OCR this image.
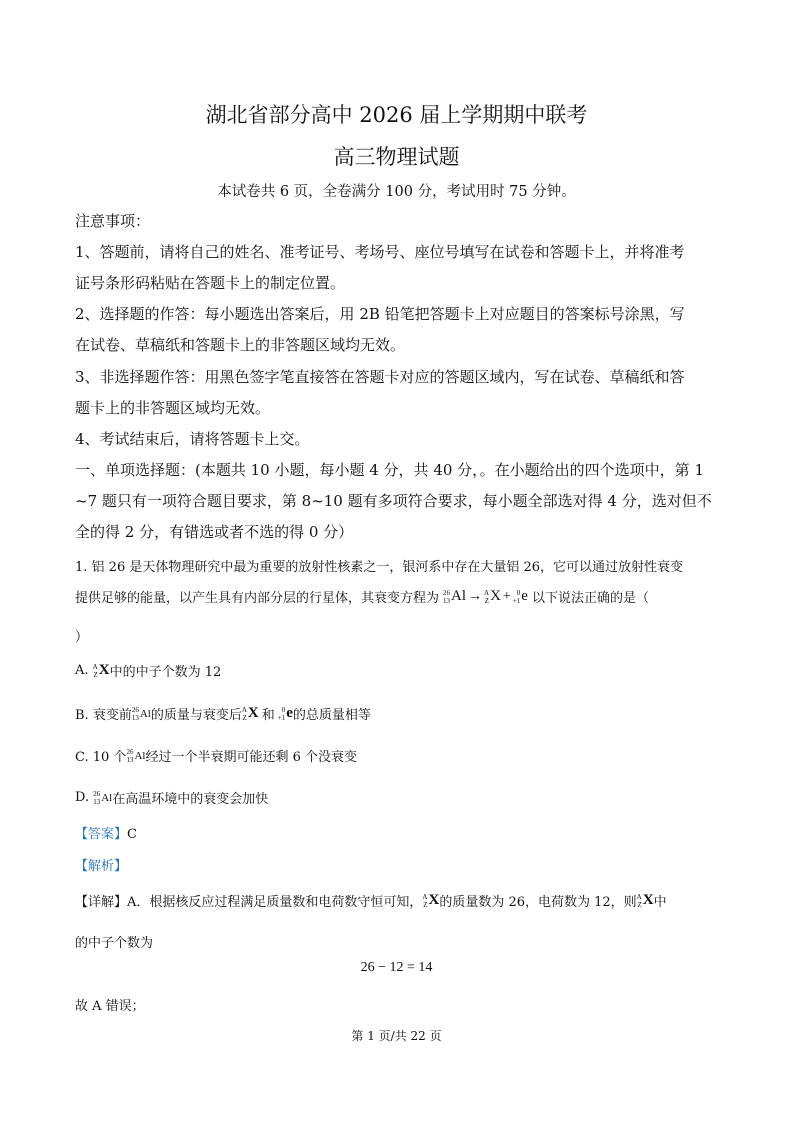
湖北省部分高中 2026 届上学期期中联考
高三物理试题
本试卷共 6 页，全卷满分 100 分，考试用时 75 分钟。
注意事项：
1、答题前，请将自己的姓名、准考证号、考场号、座位号填写在试卷和答题卡上，并将准考
证号条形码粘贴在答题卡上的制定位置。
2、选择题的作答：每小题选出答案后，用 2B 铅笔把答题卡上对应题目的答案标号涂黑，写
在试卷、草稿纸和答题卡上的非答题区域均无效。
3、非选择题作答：用黑色签字笔直接答在答题卡对应的答题区域内，写在试卷、草稿纸和答
题卡上的非答题区域均无效。
4、考试结束后，请将答题卡上交。
一、单项选择题：(本题共 10 小题，每小题 4 分，共 40 分，。在小题给出的四个选项中，第 1
~7 题只有一项符合题目要求，第 8~10 题有多项符合要求，每小题全部选对得 4 分，选对但不
全的得 2 分，有错选或者不选的得 0 分）
1. 铝 26 是天体物理研究中最为重要的放射性核素之一，银河系中存在大量铝 26，它可以通过放射性衰变
提供足够的能量，以产生具有内部分层的行星体，其衰变方程为 26
13 Al → A
Z X + 0
+1 e 以下说法正确的是（
）
A. A
Z X 中的中子个数为 12
B. 衰变前 26
13 Al 的质量与衰变后 A
Z X 和 0
+1 e 的总质量相等
C. 10 个 26
13 Al 经过一个半衰期可能还剩 6 个没衰变
D. 26
13 Al 在高温环境中的衰变会加快
【答案】C
【解析】
【详解】 A．根据核反应过程满足质量数和电荷数守恒可知， A
Z X 的质量数为 26，电荷数为 12，则 A
Z X 中
的中子个数为
26 − 12 = 14
故 A 错误；
第 1 页/共 22 页
